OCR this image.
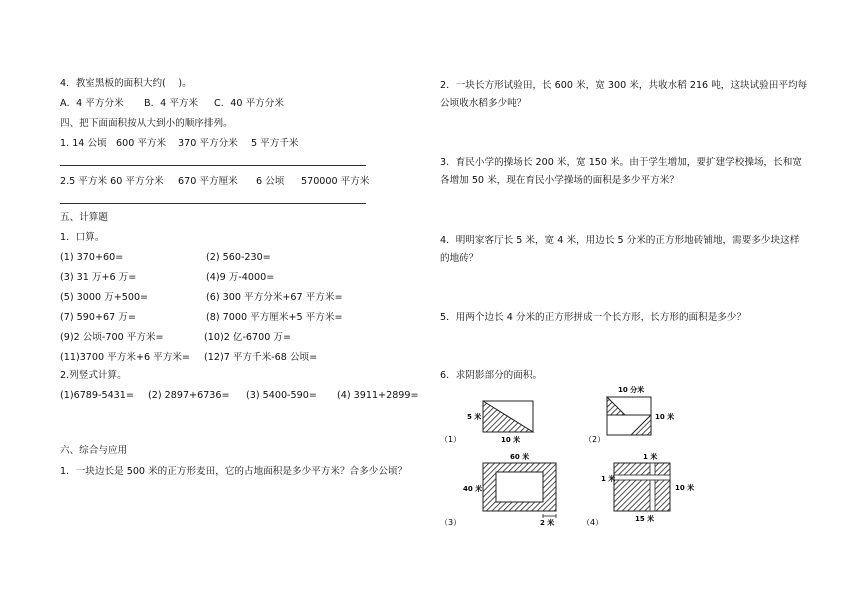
4．教室黑板的面积大约(　 )。
A．4 平方分米 B．4 平方米 C．40 平方分米
四、把下面面积按从大到小的顺序排列。
1. 14 公顷 600 平方米 370 平方分米 5 平方千米
2.5 平方米 60 平方分米 670 平方厘米 6 公顷 570000 平方米
五、计算题
1．口算。
(1) 370+60=	(2) 560-230=
(3) 31 万+6 万=	(4)9 万-4000=
(5) 3000 万+500=	(6) 300 平方分米+67 平方米=
(7) 590+67 万=	(8) 7000 平方厘米+5 平方米=
(9)2 公顷-700 平方米=	(10)2 亿-6700 万=
(11)3700 平方米+6 平方米= (12)7 平方千米-68 公顷=
2.列竖式计算。
(1)6789-5431= (2) 2897+6736= (3) 5400-590= (4) 3911+2899=
六、综合与应用
1．一块边长是 500 米的正方形麦田，它的占地面积是多少平方米？合多少公顷？
2．一块长方形试验田，长 600 米，宽 300 米，共收水稻 216 吨，这块试验田平均每
公顷收水稻多少吨？
3．育民小学的操场长 200 米，宽 150 米。由于学生增加，要扩建学校操场，长和宽
各增加 50 米，现在育民小学操场的面积是多少平方米？
4．明明家客厅长 5 米，宽 4 米，用边长 5 分米的正方形地砖铺地，需要多少块这样
的地砖？
5．用两个边长 4 分米的正方形拼成一个长方形，长方形的面积是多少？
6．求阴影部分的面积。
5 米
10 米
（1）
10 分米
10 米
（2）
60 米
40 米
2 米
（3）
1 米
1 米
10 米
15 米
（4）
